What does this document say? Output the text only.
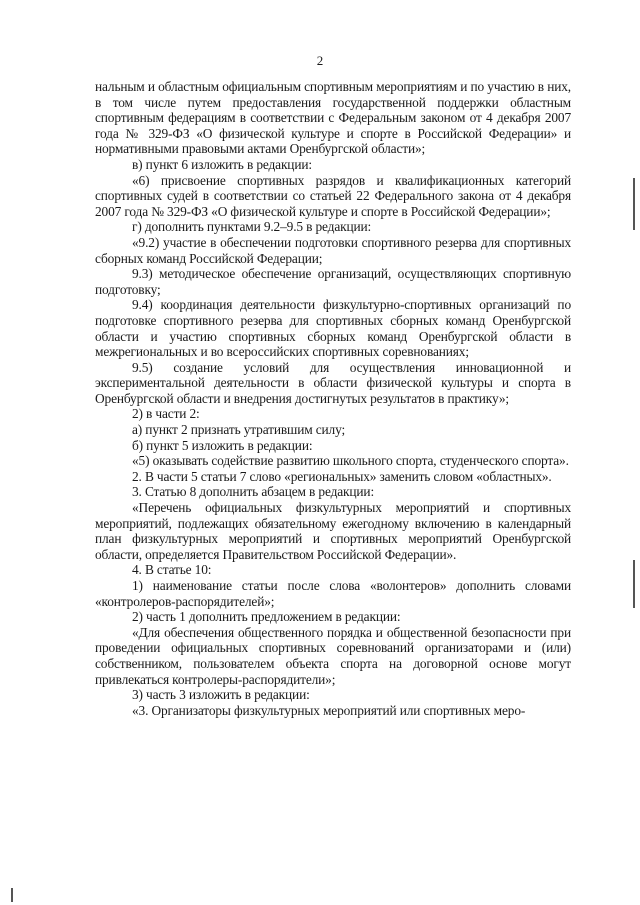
2

нальным и областным официальным спортивным мероприятиям и по участию в них, в том числе путем предоставления государственной поддержки областным спортивным федерациям в соответствии с Федеральным законом от 4 декабря 2007 года № 329-ФЗ «О физической культуре и спорте в Российской Федерации» и нормативными правовыми актами Оренбургской области»;

в) пункт 6 изложить в редакции:

«6) присвоение спортивных разрядов и квалификационных категорий спортивных судей в соответствии со статьей 22 Федерального закона от 4 декабря 2007 года № 329-ФЗ «О физической культуре и спорте в Российской Федерации»;

г) дополнить пунктами 9.2–9.5 в редакции:

«9.2) участие в обеспечении подготовки спортивного резерва для спортивных сборных команд Российской Федерации;

9.3) методическое обеспечение организаций, осуществляющих спортивную подготовку;

9.4) координация деятельности физкультурно-спортивных организаций по подготовке спортивного резерва для спортивных сборных команд Оренбургской области и участию спортивных сборных команд Оренбургской области в межрегиональных и во всероссийских спортивных соревнованиях;

9.5) создание условий для осуществления инновационной и экспериментальной деятельности в области физической культуры и спорта в Оренбургской области и внедрения достигнутых результатов в практику»;

2) в части 2:

а) пункт 2 признать утратившим силу;

б) пункт 5 изложить в редакции:

«5) оказывать содействие развитию школьного спорта, студенческого спорта».

2. В части 5 статьи 7 слово «региональных» заменить словом «областных».

3. Статью 8 дополнить абзацем в редакции:

«Перечень официальных физкультурных мероприятий и спортивных мероприятий, подлежащих обязательному ежегодному включению в календарный план физкультурных мероприятий и спортивных мероприятий Оренбургской области, определяется Правительством Российской Федерации».

4. В статье 10:

1) наименование статьи после слова «волонтеров» дополнить словами «контролеров-распорядителей»;

2) часть 1 дополнить предложением в редакции:

«Для обеспечения общественного порядка и общественной безопасности при проведении официальных спортивных соревнований организаторами и (или) собственником, пользователем объекта спорта на договорной основе могут привлекаться контролеры-распорядители»;

3) часть 3 изложить в редакции:

«3. Организаторы физкультурных мероприятий или спортивных меро-
